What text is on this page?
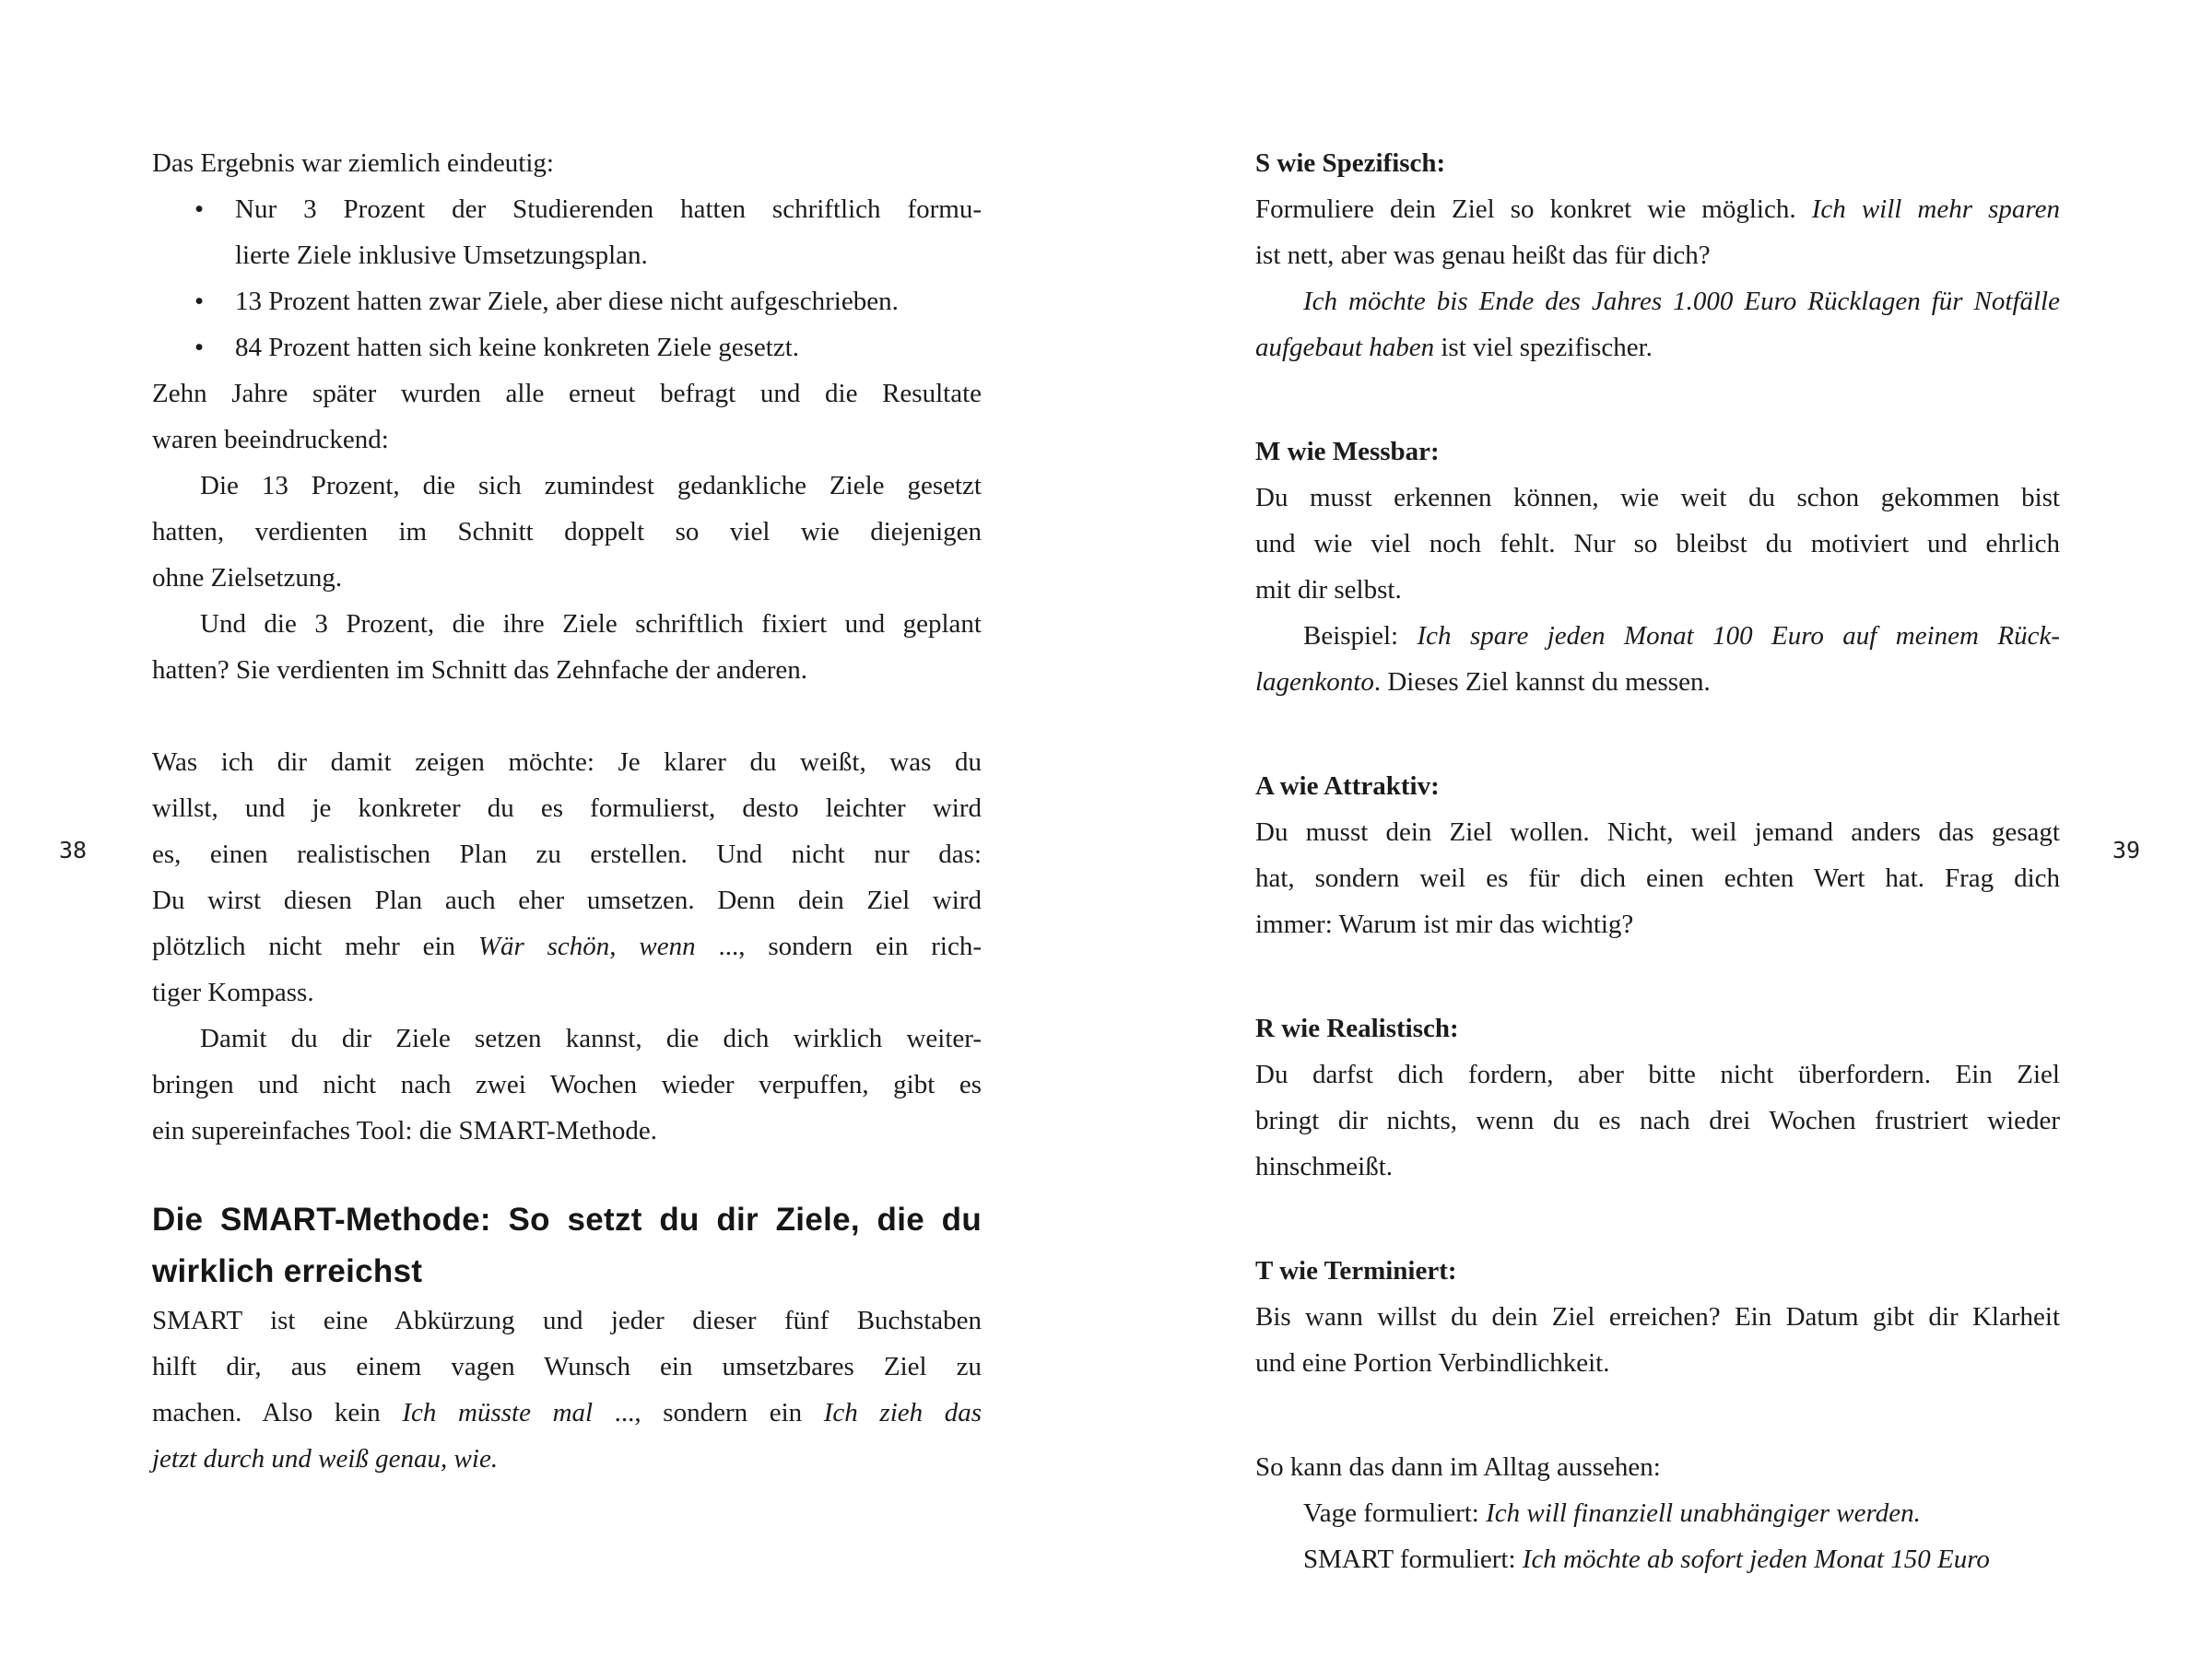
Das Ergebnis war ziemlich eindeutig:
• Nur 3 Prozent der Studierenden hatten schriftlich formu-
lierte Ziele inklusive Umsetzungsplan.
• 13 Prozent hatten zwar Ziele, aber diese nicht aufgeschrieben.
• 84 Prozent hatten sich keine konkreten Ziele gesetzt.
Zehn Jahre später wurden alle erneut befragt und die Resultate
waren beeindruckend:
Die 13 Prozent, die sich zumindest gedankliche Ziele gesetzt
hatten, verdienten im Schnitt doppelt so viel wie diejenigen
ohne Zielsetzung.
Und die 3 Prozent, die ihre Ziele schriftlich fixiert und geplant
hatten? Sie verdienten im Schnitt das Zehnfache der anderen.
Was ich dir damit zeigen möchte: Je klarer du weißt, was du
willst, und je konkreter du es formulierst, desto leichter wird
es, einen realistischen Plan zu erstellen. Und nicht nur das:
Du wirst diesen Plan auch eher umsetzen. Denn dein Ziel wird
plötzlich nicht mehr ein Wär schön, wenn ..., sondern ein rich-
tiger Kompass.
Damit du dir Ziele setzen kannst, die dich wirklich weiter-
bringen und nicht nach zwei Wochen wieder verpuffen, gibt es
ein supereinfaches Tool: die SMART-Methode.
Die SMART-Methode: So setzt du dir Ziele, die du
wirklich erreichst
SMART ist eine Abkürzung und jeder dieser fünf Buchstaben
hilft dir, aus einem vagen Wunsch ein umsetzbares Ziel zu
machen. Also kein Ich müsste mal ..., sondern ein Ich zieh das
jetzt durch und weiß genau, wie.
S wie Spezifisch:
Formuliere dein Ziel so konkret wie möglich. Ich will mehr sparen
ist nett, aber was genau heißt das für dich?
Ich möchte bis Ende des Jahres 1.000 Euro Rücklagen für Notfälle
aufgebaut haben ist viel spezifischer.
M wie Messbar:
Du musst erkennen können, wie weit du schon gekommen bist
und wie viel noch fehlt. Nur so bleibst du motiviert und ehrlich
mit dir selbst.
Beispiel: Ich spare jeden Monat 100 Euro auf meinem Rück-
lagenkonto. Dieses Ziel kannst du messen.
A wie Attraktiv:
Du musst dein Ziel wollen. Nicht, weil jemand anders das gesagt
hat, sondern weil es für dich einen echten Wert hat. Frag dich
immer: Warum ist mir das wichtig?
R wie Realistisch:
Du darfst dich fordern, aber bitte nicht überfordern. Ein Ziel
bringt dir nichts, wenn du es nach drei Wochen frustriert wieder
hinschmeißt.
T wie Terminiert:
Bis wann willst du dein Ziel erreichen? Ein Datum gibt dir Klarheit
und eine Portion Verbindlichkeit.
So kann das dann im Alltag aussehen:
Vage formuliert: Ich will finanziell unabhängiger werden.
SMART formuliert: Ich möchte ab sofort jeden Monat 150 Euro
38	39
